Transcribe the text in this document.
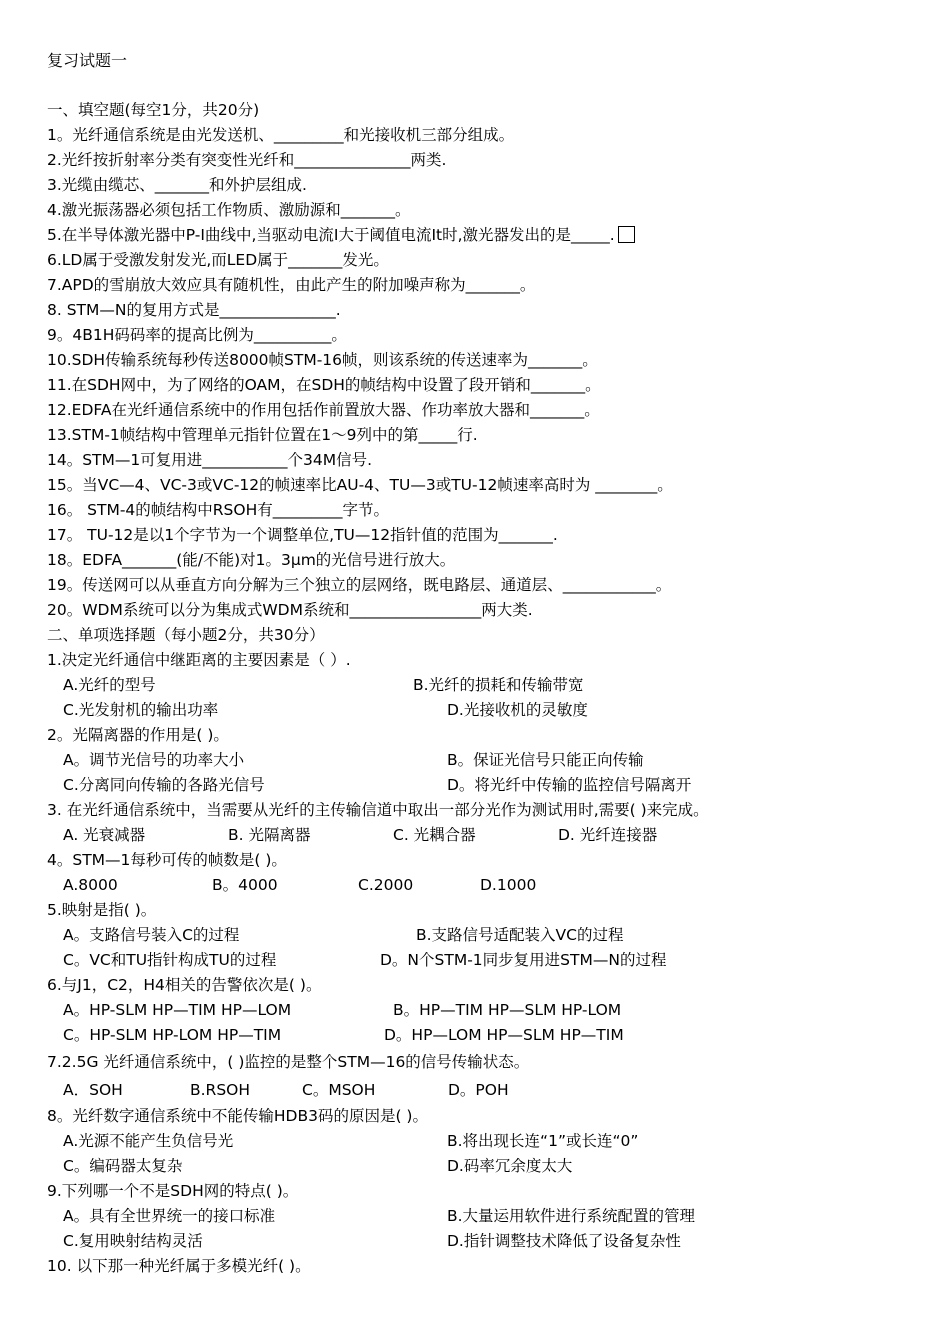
复习试题一
一、填空题(每空1分，共20分)
1。光纤通信系统是由光发送机、_________和光接收机三部分组成。
2.光纤按折射率分类有突变性光纤和_______________两类.
3.光缆由缆芯、_______和外护层组成.
4.激光振荡器必须包括工作物质、激励源和_______。
5.在半导体激光器中P-I曲线中,当驱动电流I大于阈值电流It时,激光器发出的是_____.
6.LD属于受激发射发光,而LED属于_______发光。
7.APD的雪崩放大效应具有随机性，由此产生的附加噪声称为_______。
8. STM—N的复用方式是_______________.
9。4B1H码码率的提高比例为__________。
10.SDH传输系统每秒传送8000帧STM-16帧，则该系统的传送速率为_______。
11.在SDH网中，为了网络的OAM，在SDH的帧结构中设置了段开销和_______。
12.EDFA在光纤通信系统中的作用包括作前置放大器、作功率放大器和_______。
13.STM-1帧结构中管理单元指针位置在1～9列中的第_____行.
14。STM—1可复用进___________个34M信号.
15。当VC—4、VC-3或VC-12的帧速率比AU-4、TU—3或TU-12帧速率高时为 ________。
16。 STM-4的帧结构中RSOH有_________字节。
17。 TU-12是以1个字节为一个调整单位,TU—12指针值的范围为_______.
18。EDFA_______(能/不能)对1。3μm的光信号进行放大。
19。传送网可以从垂直方向分解为三个独立的层网络，既电路层、通道层、____________。
20。WDM系统可以分为集成式WDM系统和_________________两大类.
二、单项选择题（每小题2分，共30分）
1.决定光纤通信中继距离的主要因素是（ ）.
A.光纤的型号	B.光纤的损耗和传输带宽
C.光发射机的输出功率	D.光接收机的灵敏度
2。光隔离器的作用是( )。
A。调节光信号的功率大小	B。保证光信号只能正向传输
C.分离同向传输的各路光信号	D。将光纤中传输的监控信号隔离开
3. 在光纤通信系统中，当需要从光纤的主传输信道中取出一部分光作为测试用时,需要( )来完成。
A. 光衰减器	B. 光隔离器	C. 光耦合器	D. 光纤连接器
4。STM—1每秒可传的帧数是( )。
A.8000	B。4000	C.2000	D.1000
5.映射是指( )。
A。支路信号装入C的过程	B.支路信号适配装入VC的过程
C。VC和TU指针构成TU的过程	D。N个STM-1同步复用进STM—N的过程
6.与J1，C2，H4相关的告警依次是( )。
A。HP-SLM HP—TIM HP—LOM	B。HP—TIM HP—SLM HP-LOM
C。HP-SLM HP-LOM HP—TIM	D。HP—LOM HP—SLM HP—TIM
7.2.5G 光纤通信系统中，( )监控的是整个STM—16的信号传输状态。
A．SOH	B.RSOH	C。MSOH	D。POH
8。光纤数字通信系统中不能传输HDB3码的原因是( )。
A.光源不能产生负信号光	B.将出现长连“1”或长连“0”
C。编码器太复杂	D.码率冗余度太大
9.下列哪一个不是SDH网的特点( )。
A。具有全世界统一的接口标准	B.大量运用软件进行系统配置的管理
C.复用映射结构灵活	D.指针调整技术降低了设备复杂性
10. 以下那一种光纤属于多模光纤( )。
